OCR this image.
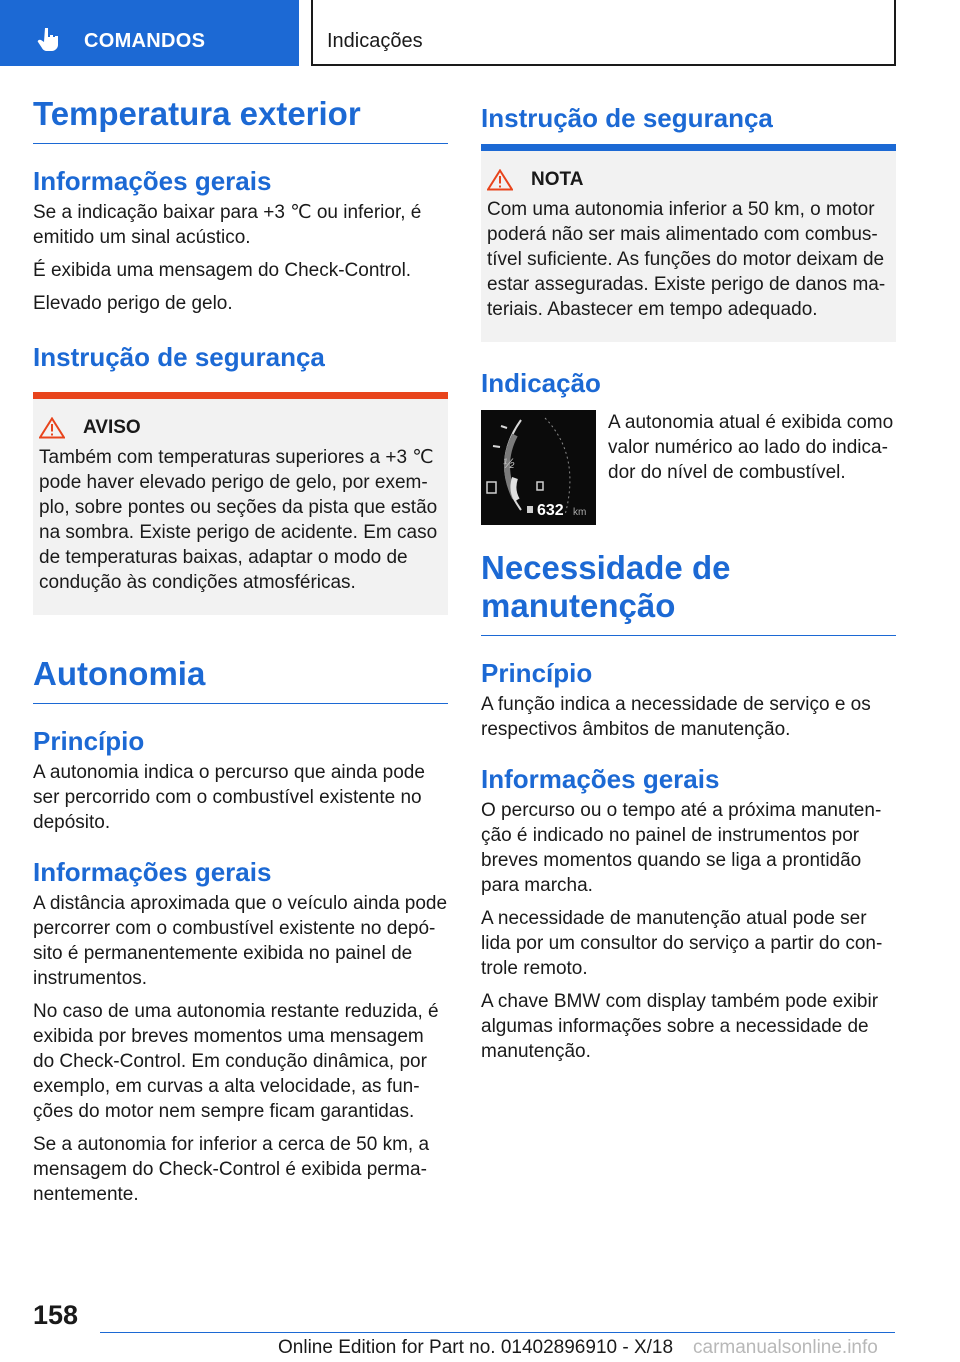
COMANDOS	Indicações
Temperatura exterior
Informações gerais
Se a indicação baixar para +3 ℃ ou inferior, é emitido um sinal acústico.
É exibida uma mensagem do Check-Control.
Elevado perigo de gelo.
Instrução de segurança
AVISO
Também com temperaturas superiores a +3 ℃ pode haver elevado perigo de gelo, por exemplo, sobre pontes ou seções da pista que estão na sombra. Existe perigo de acidente. Em caso de temperaturas baixas, adaptar o modo de condução às condições atmosféricas.
Autonomia
Princípio
A autonomia indica o percurso que ainda pode ser percorrido com o combustível existente no depósito.
Informações gerais
A distância aproximada que o veículo ainda pode percorrer com o combustível existente no depósito é permanentemente exibida no painel de instrumentos.
No caso de uma autonomia restante reduzida, é exibida por breves momentos uma mensagem do Check-Control. Em condução dinâmica, por exemplo, em curvas a alta velocidade, as funções do motor nem sempre ficam garantidas.
Se a autonomia for inferior a cerca de 50 km, a mensagem do Check-Control é exibida permanentemente.
Instrução de segurança
NOTA
Com uma autonomia inferior a 50 km, o motor poderá não ser mais alimentado com combustível suficiente. As funções do motor deixam de estar asseguradas. Existe perigo de danos materiais. Abastecer em tempo adequado.
Indicação
½
632 km
A autonomia atual é exibida como valor numérico ao lado do indicador do nível de combustível.
Necessidade de manutenção
Princípio
A função indica a necessidade de serviço e os respectivos âmbitos de manutenção.
Informações gerais
O percurso ou o tempo até a próxima manutenção é indicado no painel de instrumentos por breves momentos quando se liga a prontidão para marcha.
A necessidade de manutenção atual pode ser lida por um consultor do serviço a partir do controle remoto.
A chave BMW com display também pode exibir algumas informações sobre a necessidade de manutenção.
158
Online Edition for Part no. 01402896910 - X/18 carmanualsonline.info
